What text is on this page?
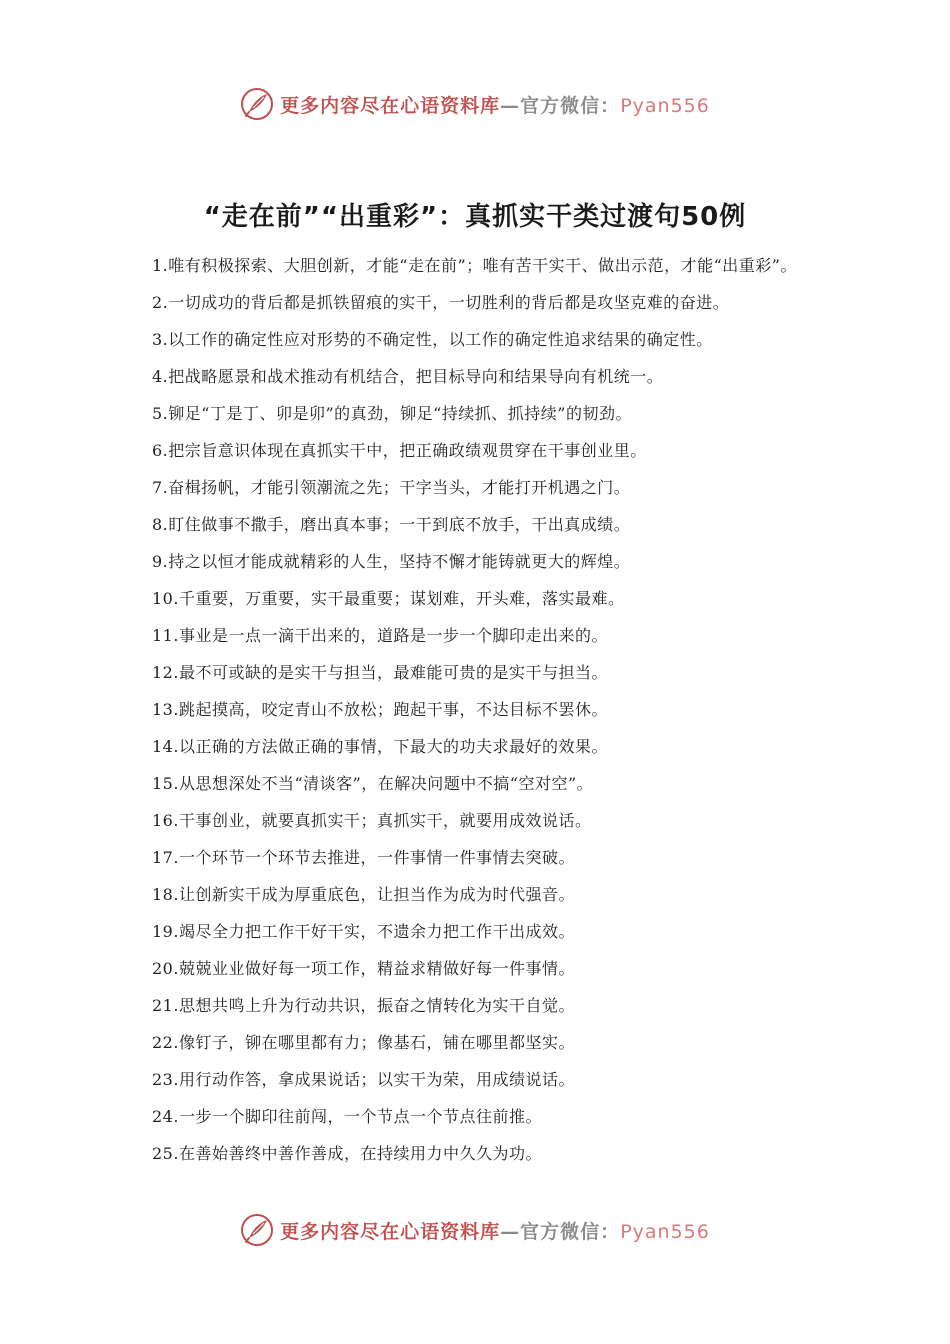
更多内容尽在心语资料库—官方微信：Pyan556
“走在前”“出重彩”：真抓实干类过渡句50例

1.唯有积极探索、大胆创新，才能“走在前”；唯有苦干实干、做出示范，才能“出重彩”。

2.一切成功的背后都是抓铁留痕的实干，一切胜利的背后都是攻坚克难的奋进。

3.以工作的确定性应对形势的不确定性，以工作的确定性追求结果的确定性。

4.把战略愿景和战术推动有机结合，把目标导向和结果导向有机统一。

5.铆足“丁是丁、卯是卯”的真劲，铆足“持续抓、抓持续”的韧劲。

6.把宗旨意识体现在真抓实干中，把正确政绩观贯穿在干事创业里。

7.奋楫扬帆，才能引领潮流之先；干字当头，才能打开机遇之门。

8.盯住做事不撒手，磨出真本事；一干到底不放手，干出真成绩。

9.持之以恒才能成就精彩的人生，坚持不懈才能铸就更大的辉煌。

10.千重要，万重要，实干最重要；谋划难，开头难，落实最难。

11.事业是一点一滴干出来的，道路是一步一个脚印走出来的。

12.最不可或缺的是实干与担当，最难能可贵的是实干与担当。

13.跳起摸高，咬定青山不放松；跑起干事，不达目标不罢休。

14.以正确的方法做正确的事情，下最大的功夫求最好的效果。

15.从思想深处不当“清谈客”，在解决问题中不搞“空对空”。

16.干事创业，就要真抓实干；真抓实干，就要用成效说话。

17.一个环节一个环节去推进，一件事情一件事情去突破。

18.让创新实干成为厚重底色，让担当作为成为时代强音。

19.竭尽全力把工作干好干实，不遗余力把工作干出成效。

20.兢兢业业做好每一项工作，精益求精做好每一件事情。

21.思想共鸣上升为行动共识，振奋之情转化为实干自觉。

22.像钉子，铆在哪里都有力；像基石，铺在哪里都坚实。

23.用行动作答，拿成果说话；以实干为荣，用成绩说话。

24.一步一个脚印往前闯，一个节点一个节点往前推。

25.在善始善终中善作善成，在持续用力中久久为功。

更多内容尽在心语资料库—官方微信：Pyan556
